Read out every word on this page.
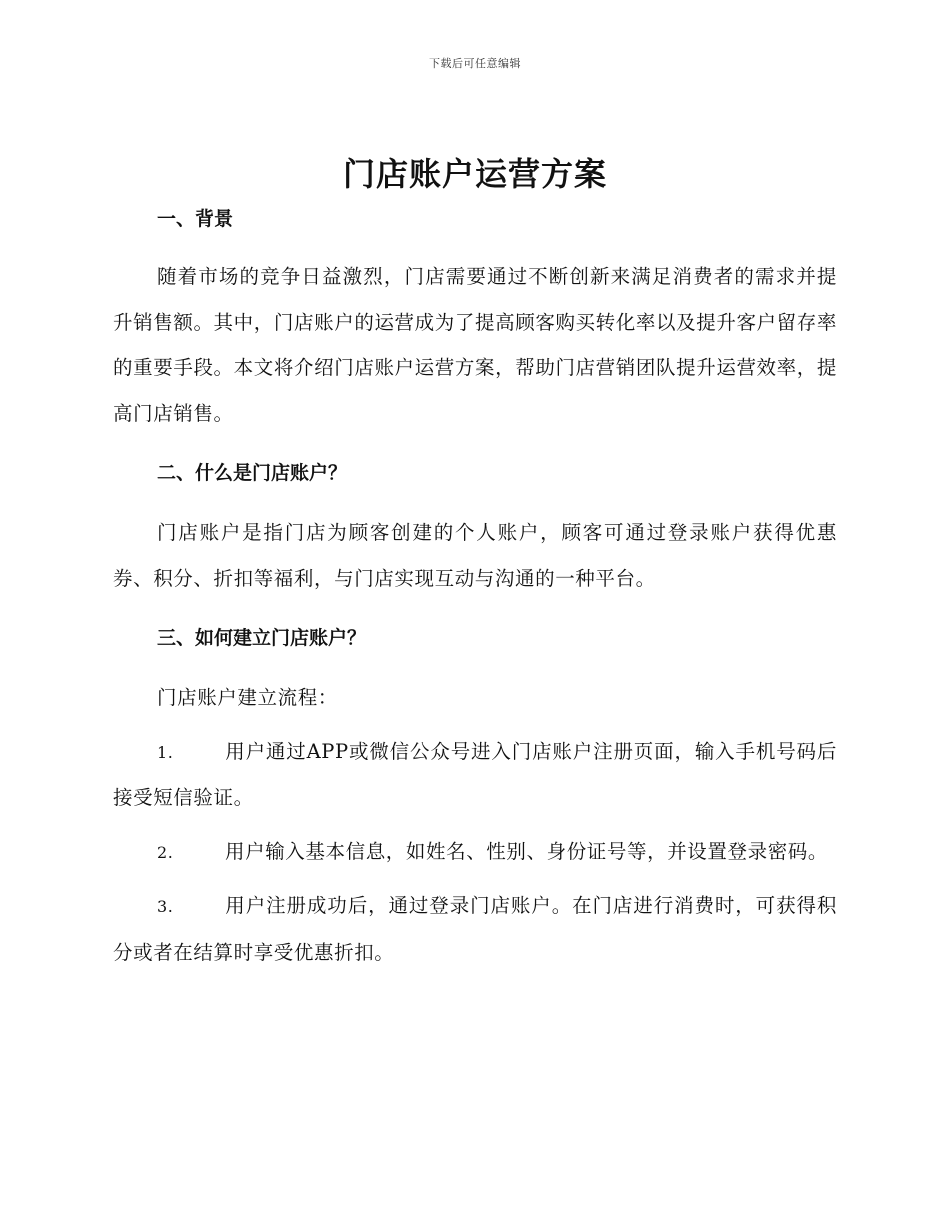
下载后可任意编辑
门店账户运营方案
一、背景

随着市场的竞争日益激烈，门店需要通过不断创新来满足消费者的需求并提升销售额。其中，门店账户的运营成为了提高顾客购买转化率以及提升客户留存率的重要手段。本文将介绍门店账户运营方案，帮助门店营销团队提升运营效率，提高门店销售。

二、什么是门店账户？

门店账户是指门店为顾客创建的个人账户，顾客可通过登录账户获得优惠券、积分、折扣等福利，与门店实现互动与沟通的一种平台。

三、如何建立门店账户？

门店账户建立流程：

1.	用户通过APP或微信公众号进入门店账户注册页面，输入手机号码后接受短信验证。

2.	用户输入基本信息，如姓名、性别、身份证号等，并设置登录密码。

3.	用户注册成功后，通过登录门店账户。在门店进行消费时，可获得积分或者在结算时享受优惠折扣。
